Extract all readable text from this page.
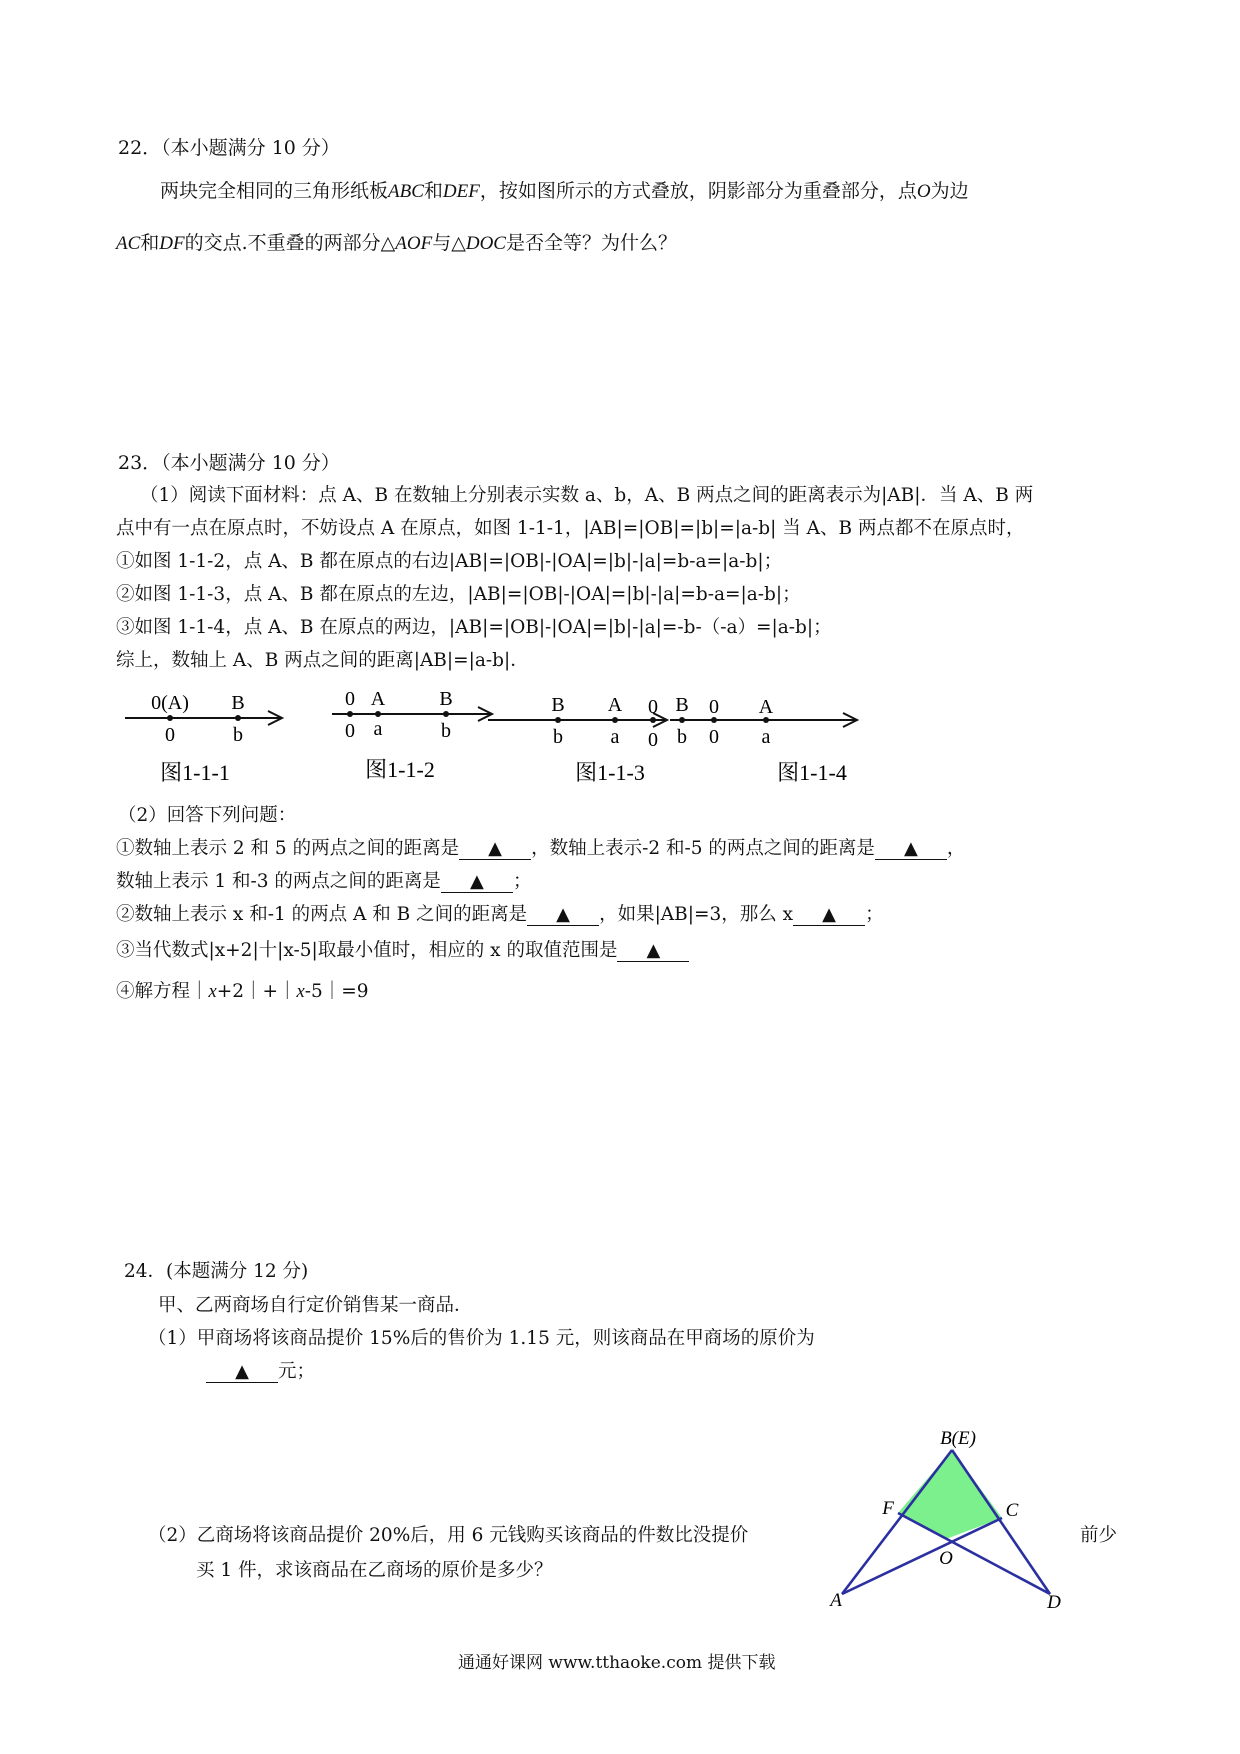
22．（本小题满分 10 分）
两块完全相同的三角形纸板ABC和DEF，按如图所示的方式叠放，阴影部分为重叠部分，点O为边
AC和DF的交点.不重叠的两部分△AOF与△DOC是否全等？为什么？
23．（本小题满分 10 分）
（1）阅读下面材料：点 A、B 在数轴上分别表示实数 a、b，A、B 两点之间的距离表示为|AB|．当 A、B 两
点中有一点在原点时，不妨设点 A 在原点，如图 1-1-1，|AB|=|OB|=|b|=|a-b| 当 A、B 两点都不在原点时，
①如图 1-1-2，点 A、B 都在原点的右边|AB|=|OB|-|OA|=|b|-|a|=b-a=|a-b|；
②如图 1-1-3，点 A、B 都在原点的左边，|AB|=|OB|-|OA|=|b|-|a|=b-a=|a-b|；
③如图 1-1-4，点 A、B 在原点的两边，|AB|=|OB|-|OA|=|b|-|a|=-b-（-a）=|a-b|；
综上，数轴上 A、B 两点之间的距离|AB|=|a-b|．
0(A) B
0	b
图1-1-1
0 A	B
0 a	b
图1-1-2
B A 0
b a 0
图1-1-3
B 0 A
b 0 a
图1-1-4
（2）回答下列问题：
①数轴上表示 2 和 5 的两点之间的距离是 ▲ ，数轴上表示-2 和-5 的两点之间的距离是 ▲ ，
数轴上表示 1 和-3 的两点之间的距离是 ▲ ；
②数轴上表示 x 和-1 的两点 A 和 B 之间的距离是 ▲ ，如果|AB|=3，那么 x ▲ ；
③当代数式|x+2|十|x-5|取最小值时，相应的 x 的取值范围是 ▲
④解方程｜x+2｜+｜x-5｜=9
24．(本题满分 12 分)
甲、乙两商场自行定价销售某一商品．
（1）甲商场将该商品提价 15%后的售价为 1.15 元，则该商品在甲商场的原价为
▲ 元；
（2）乙商场将该商品提价 20%后，用 6 元钱购买该商品的件数比没提价	前少
买 1 件，求该商品在乙商场的原价是多少？
B(E)
F	C
O
A	D
通通好课网 www.tthaoke.com 提供下载
